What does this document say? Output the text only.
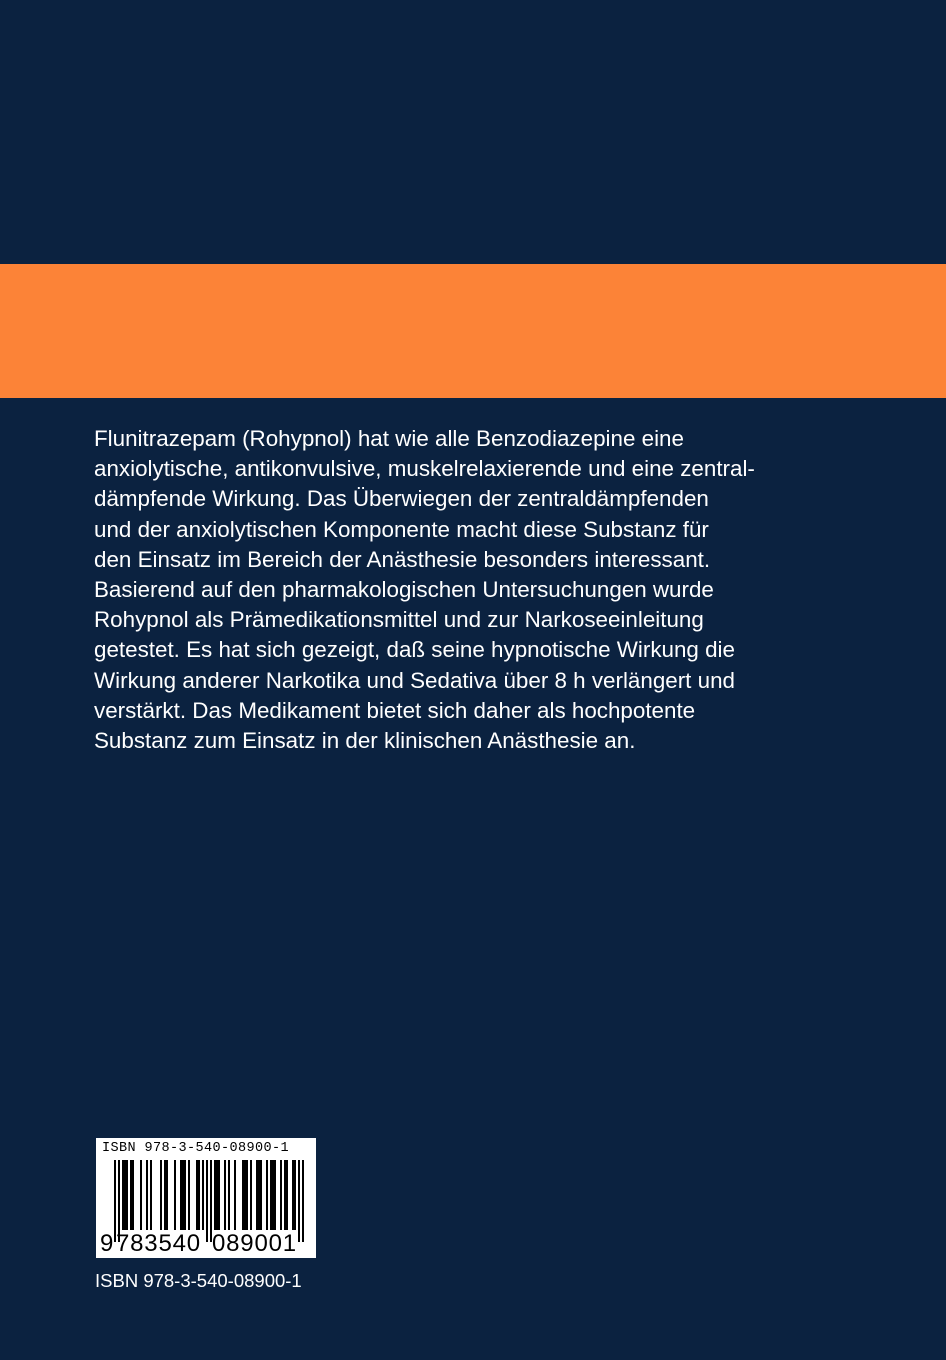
Flunitrazepam (Rohypnol) hat wie alle Benzodiazepine eine
anxiolytische, antikonvulsive, muskelrelaxierende und eine zentral-
dämpfende Wirkung. Das Überwiegen der zentraldämpfenden
und der anxiolytischen Komponente macht diese Substanz für
den Einsatz im Bereich der Anästhesie besonders interessant.
Basierend auf den pharmakologischen Untersuchungen wurde
Rohypnol als Prämedikationsmittel und zur Narkoseeinleitung
getestet. Es hat sich gezeigt, daß seine hypnotische Wirkung die
Wirkung anderer Narkotika und Sedativa über 8 h verlängert und
verstärkt. Das Medikament bietet sich daher als hochpotente
Substanz zum Einsatz in der klinischen Anästhesie an.
ISBN 978-3-540-08900-1
9 783540 089001
ISBN 978-3-540-08900-1
